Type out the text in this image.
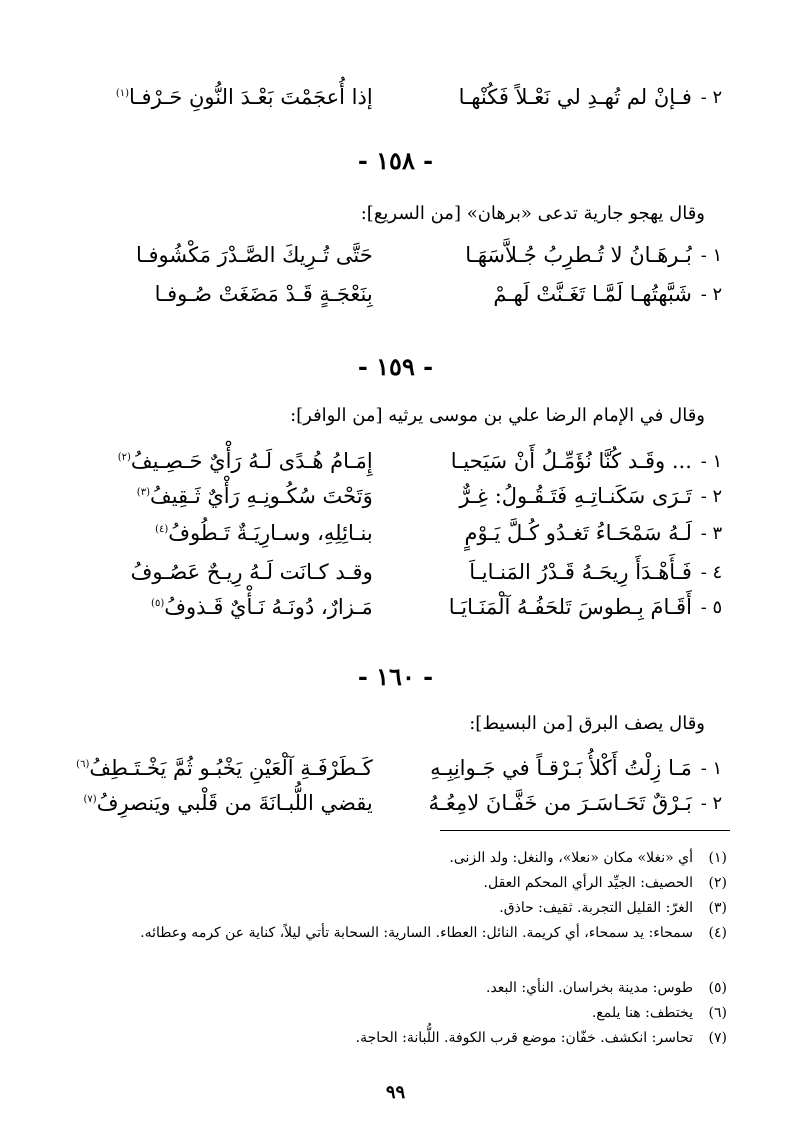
٢ -
فـإنْ لم تُهـدِ لي نَعْـلاً فَكُنْهـا
إذا أُعجَمْتَ بَعْـدَ النُّونِ حَـرْفـا$^{(١)}$
- ١٥٨ -
وقال يهجو جارية تدعى «برهان» [من السريع]:
١ -
بُـرهَـانُ لا تُـطرِبُ جُـلاَّسَهَـا
حَتَّى تُـرِيكَ الصَّـدْرَ مَكْشُوفـا
٢ -
شَبَّهتُهـا لَمَّـا تَغَـنَّتْ لَهـمْ
بِنَعْجَـةٍ قَـدْ مَضَغَتْ صُـوفـا
- ١٥٩ -
وقال في الإمام الرضا علي بن موسى يرثيه [من الوافر]:
١ -
... وقَـد كُنَّا نُؤَمِّـلُ أَنْ سَيَحيـا
إِمَـامُ هُـدًى لَـهُ رَأْيٌ حَـصِـيفُ$^{(٢)}$
٢ -
تَـرَى سَكَنـاتِـهِ فَتَـقُـولُ: غِـرٌّ
وَتَحْتَ سُكُـونِـهِ رَأْيٌ ثَـقِيفُ$^{(٣)}$
٣ -
لَـهُ سَمْحَـاءُ تَغـدُو كُـلَّ يَـوْمٍ
بنـائِلِهِ، وسـارِيَـةٌ تَـطُوفُ$^{(٤)}$
٤ -
فَـأَهْـدَأَ رِيحَـهُ قَـدْرُ المَنـايـاَ
وقـد كـانَت لَـهُ رِيـحٌ عَصُـوفُ
٥ -
أَقَـامَ بِـطوسَ تَلحَفُـهُ آلْمَنَـايَـا
مَـزارٌ، دُونَـهُ نَـأْيٌ قَـذوفُ$^{(٥)}$
- ١٦٠ -
وقال يصف البرق [من البسيط]:
١ -
مَـا زِلْتُ أَكْلأُ بَـرْقـاً في جَـوانِبِـهِ
كَـطَرْفَـةِ آلْعَيْنِ يَخْبُـو ثُمَّ يَخْـتَـطِفُ$^{(٦)}$
٢ -
بَـرْقٌ تَحَـاسَـرَ من خَفَّـانَ لامِعُـهُ
يقضي اللُّبـانَةَ من قَلْبي ويَنصرِفُ$^{(٧)}$
(١)
أي «نغلا» مكان «نعلا»، والنغل: ولد الزنى.
(٢)
الحصيف: الجيِّد الرأي المحكم العقل.
(٣)
الغرّ: القليل التجربة. ثقيف: حاذق.
(٤)
سمحاء: يد سمحاء، أي كريمة. النائل: العطاء. السارية: السحابة تأتي ليلاً، كناية عن كرمه وعطائه.
(٥)
طوس: مدينة بخراسان. النأي: البعد.
(٦)
يختطف: هنا يلمع.
(٧)
تحاسر: انكشف. خفّان: موضع قرب الكوفة. اللُّبانة: الحاجة.
٩٩
